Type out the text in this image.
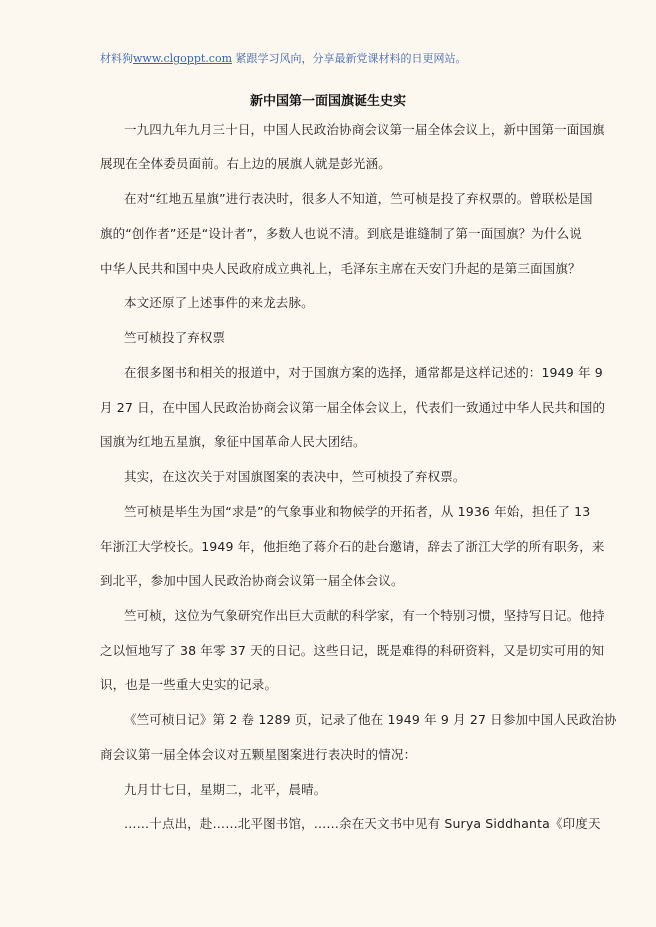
材料狗www.clgoppt.com 紧跟学习风向，分享最新党课材料的日更网站。
新中国第一面国旗诞生史实
一九四九年九月三十日，中国人民政治协商会议第一届全体会议上，新中国第一面国旗
展现在全体委员面前。右上边的展旗人就是彭光涵。
在对“红地五星旗”进行表决时，很多人不知道，竺可桢是投了弃权票的。曾联松是国
旗的“创作者”还是“设计者”，多数人也说不清。到底是谁缝制了第一面国旗？为什么说
中华人民共和国中央人民政府成立典礼上，毛泽东主席在天安门升起的是第三面国旗？
本文还原了上述事件的来龙去脉。
竺可桢投了弃权票
在很多图书和相关的报道中，对于国旗方案的选择，通常都是这样记述的：1949 年 9
月 27 日，在中国人民政治协商会议第一届全体会议上，代表们一致通过中华人民共和国的
国旗为红地五星旗，象征中国革命人民大团结。
其实，在这次关于对国旗图案的表决中，竺可桢投了弃权票。
竺可桢是毕生为国“求是”的气象事业和物候学的开拓者，从 1936 年始，担任了 13
年浙江大学校长。1949 年，他拒绝了蒋介石的赴台邀请，辞去了浙江大学的所有职务，来
到北平，参加中国人民政治协商会议第一届全体会议。
竺可桢，这位为气象研究作出巨大贡献的科学家，有一个特别习惯，坚持写日记。他持
之以恒地写了 38 年零 37 天的日记。这些日记，既是难得的科研资料，又是切实可用的知
识，也是一些重大史实的记录。
《竺可桢日记》第 2 卷 1289 页，记录了他在 1949 年 9 月 27 日参加中国人民政治协
商会议第一届全体会议对五颗星图案进行表决时的情况：
九月廿七日，星期二，北平，晨晴。
……十点出，赴……北平图书馆，……余在天文书中见有 Surya Siddhanta《印度天
